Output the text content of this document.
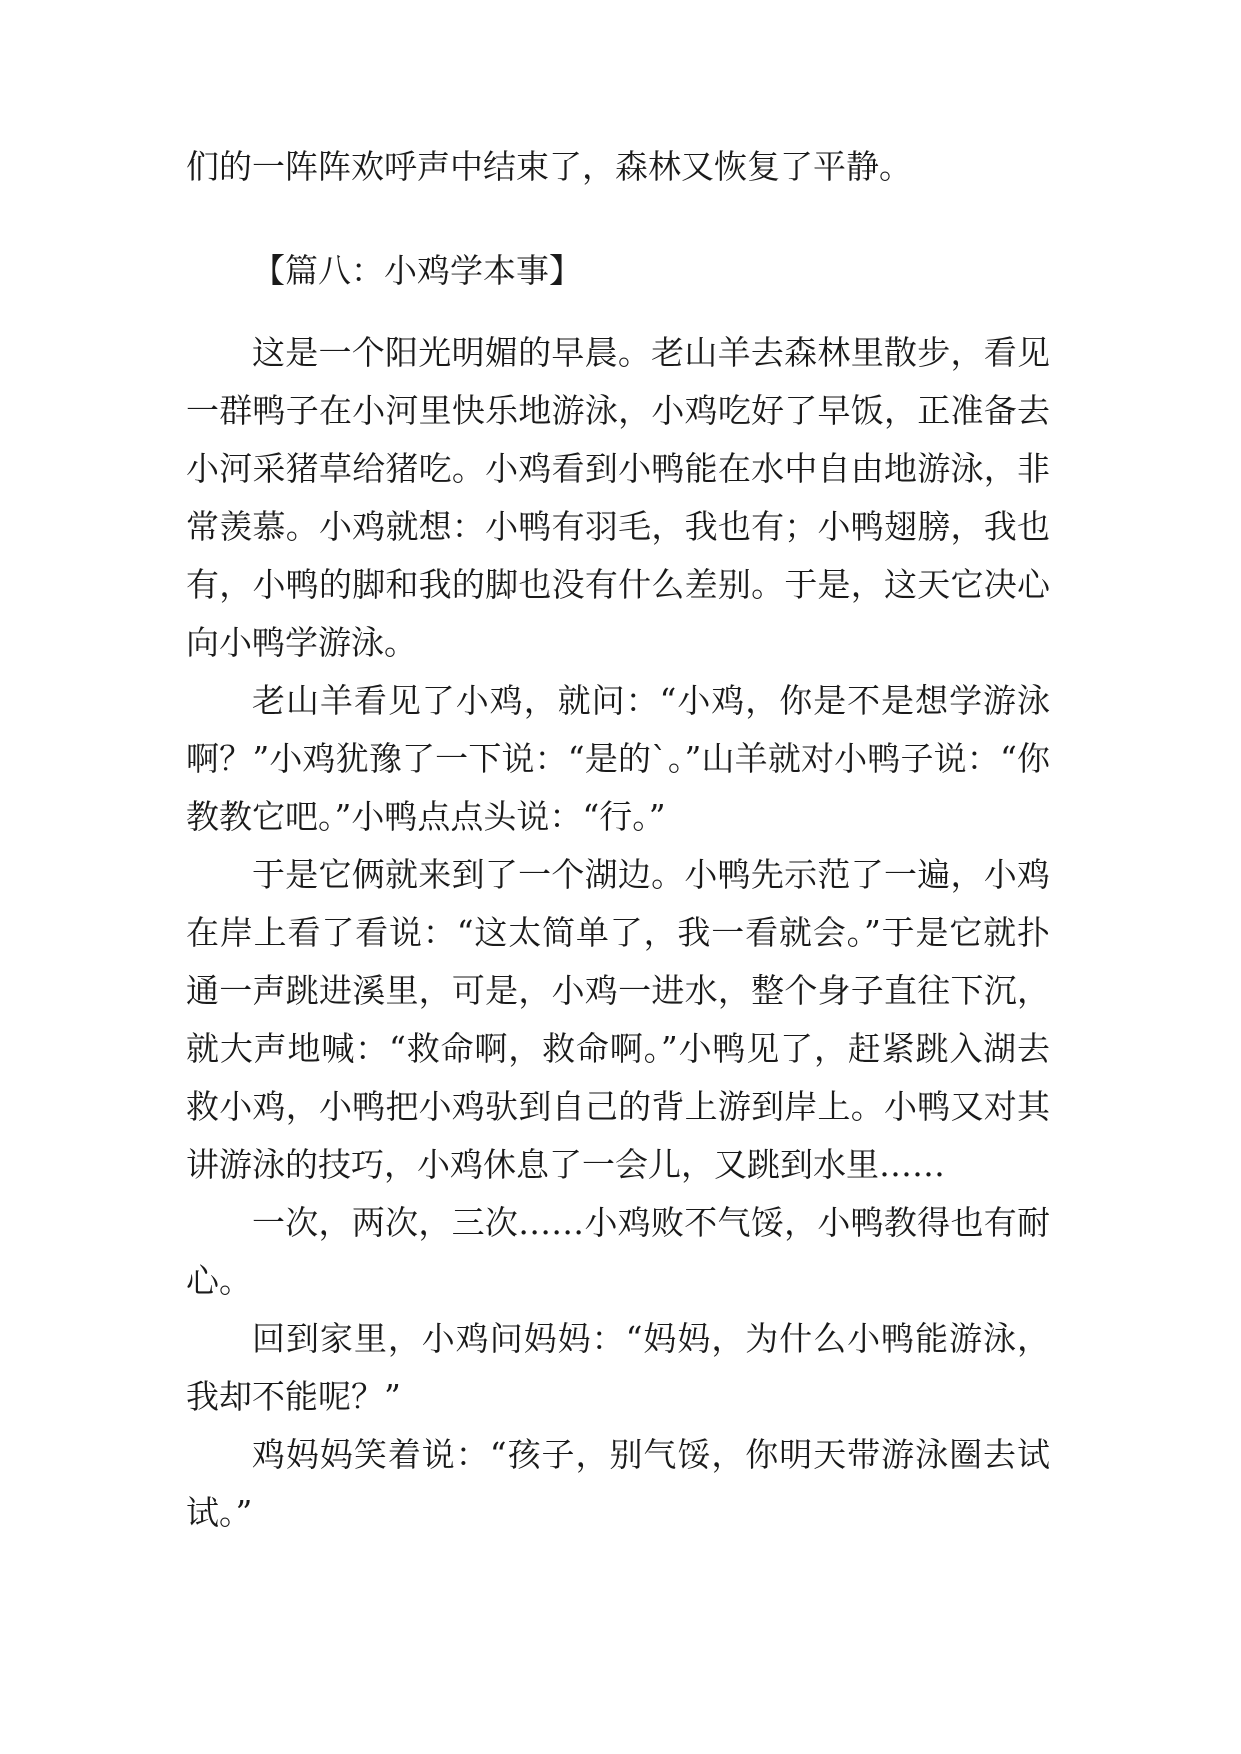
们的一阵阵欢呼声中结束了，森林又恢复了平静。

【篇八：小鸡学本事】

这是一个阳光明媚的早晨。老山羊去森林里散步，看见一群鸭子在小河里快乐地游泳，小鸡吃好了早饭，正准备去小河采猪草给猪吃。小鸡看到小鸭能在水中自由地游泳，非常羡慕。小鸡就想：小鸭有羽毛，我也有；小鸭翅膀，我也有，小鸭的脚和我的脚也没有什么差别。于是，这天它决心向小鸭学游泳。

老山羊看见了小鸡，就问：“小鸡，你是不是想学游泳啊？”小鸡犹豫了一下说：“是的`。”山羊就对小鸭子说：“你教教它吧。”小鸭点点头说：“行。”

于是它俩就来到了一个湖边。小鸭先示范了一遍，小鸡在岸上看了看说：“这太简单了，我一看就会。”于是它就扑通一声跳进溪里，可是，小鸡一进水，整个身子直往下沉，就大声地喊：“救命啊，救命啊。”小鸭见了，赶紧跳入湖去救小鸡，小鸭把小鸡驮到自己的背上游到岸上。小鸭又对其讲游泳的技巧，小鸡休息了一会儿，又跳到水里……

一次，两次，三次……小鸡败不气馁，小鸭教得也有耐心。

回到家里，小鸡问妈妈：“妈妈，为什么小鸭能游泳，我却不能呢？”

鸡妈妈笑着说：“孩子，别气馁，你明天带游泳圈去试试。”
